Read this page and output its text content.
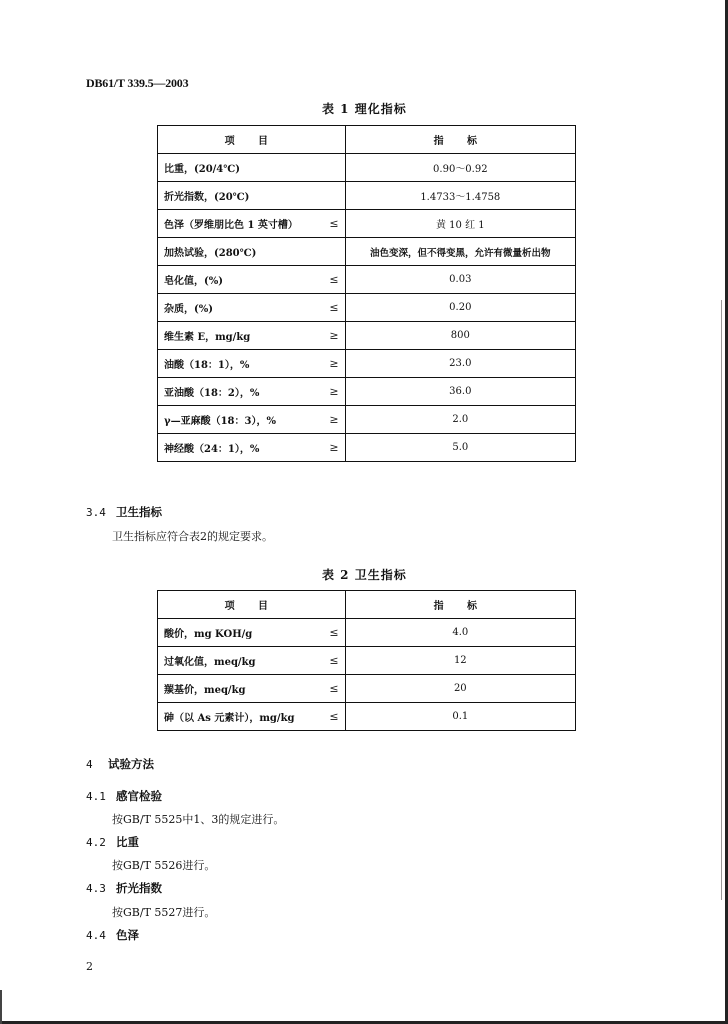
DB61/T 339.5—2003
表 1 理化指标
项 目		指 标
比重，(20/4℃)		0.90～0.92
折光指数，(20℃)		1.4733～1.4758
色泽（罗维朋比色 1 英寸槽）	≤	黄 10 红 1
加热试验，(280℃)		油色变深，但不得变黑，允许有微量析出物
皂化值，(%)	≤	0.03
杂质，(%)	≤	0.20
维生素 E，mg/kg	≥	800
油酸（18：1），%	≥	23.0
亚油酸（18：2），%	≥	36.0
γ—亚麻酸（18：3），%	≥	2.0
神经酸（24：1），%	≥	5.0
3.4 卫生指标
卫生指标应符合表2的规定要求。
表 2 卫生指标
项 目		指 标
酸价，mg KOH/g	≤	4.0
过氧化值，meq/kg	≤	12
羰基价，meq/kg	≤	20
砷（以 As 元素计），mg/kg	≤	0.1
4 试验方法
4.1 感官检验
按GB/T 5525中1、3的规定进行。
4.2 比重
按GB/T 5526进行。
4.3 折光指数
按GB/T 5527进行。
4.4 色泽
2
